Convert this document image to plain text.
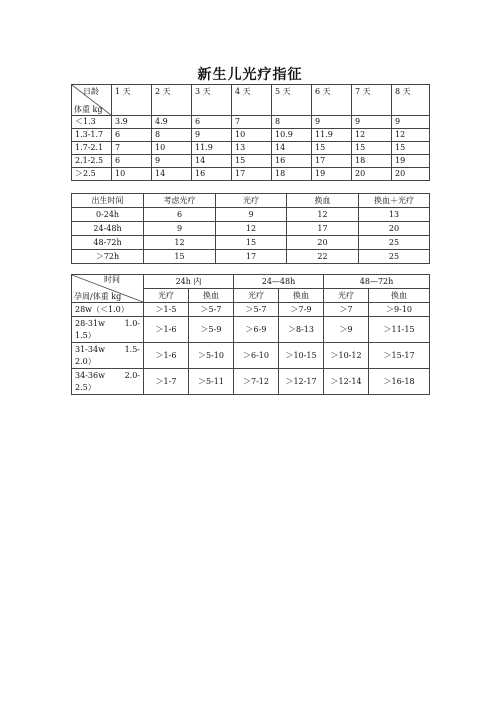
新生儿光疗指征
日龄
体重 kg	1 天	2 天	3 天	4 天	5 天	6 天	7 天	8 天
＜1.3	3.9	4.9	6	7	8	9	9	9
1.3-1.7	6	8	9	10	10.9	11.9	12	12
1.7-2.1	7	10	11.9	13	14	15	15	15
2.1-2.5	6	9	14	15	16	17	18	19
＞2.5	10	14	16	17	18	19	20	20
出生时间	考虑光疗	光疗	换血	换血＋光疗
0-24h	6	9	12	13
24-48h	9	12	17	20
48-72h	12	15	20	25
＞72h	15	17	22	25
时间
孕周/体重 kg	24h 内		24—48h		48—72h	
	光疗	换血	光疗	换血	光疗	换血
28w（＜1.0）	＞1-5	＞5-7	＞5-7	＞7-9	＞7	＞9-10

28-31w 1.0-
1.5）	＞1-6	＞5-9	＞6-9	＞8-13	＞9	＞11-15

31-34w 1.5-
2.0）	＞1-6	＞5-10	＞6-10	＞10-15	＞10-12	＞15-17

34-36w 2.0-
2.5）	＞1-7	＞5-11	＞7-12	＞12-17	＞12-14	＞16-18
